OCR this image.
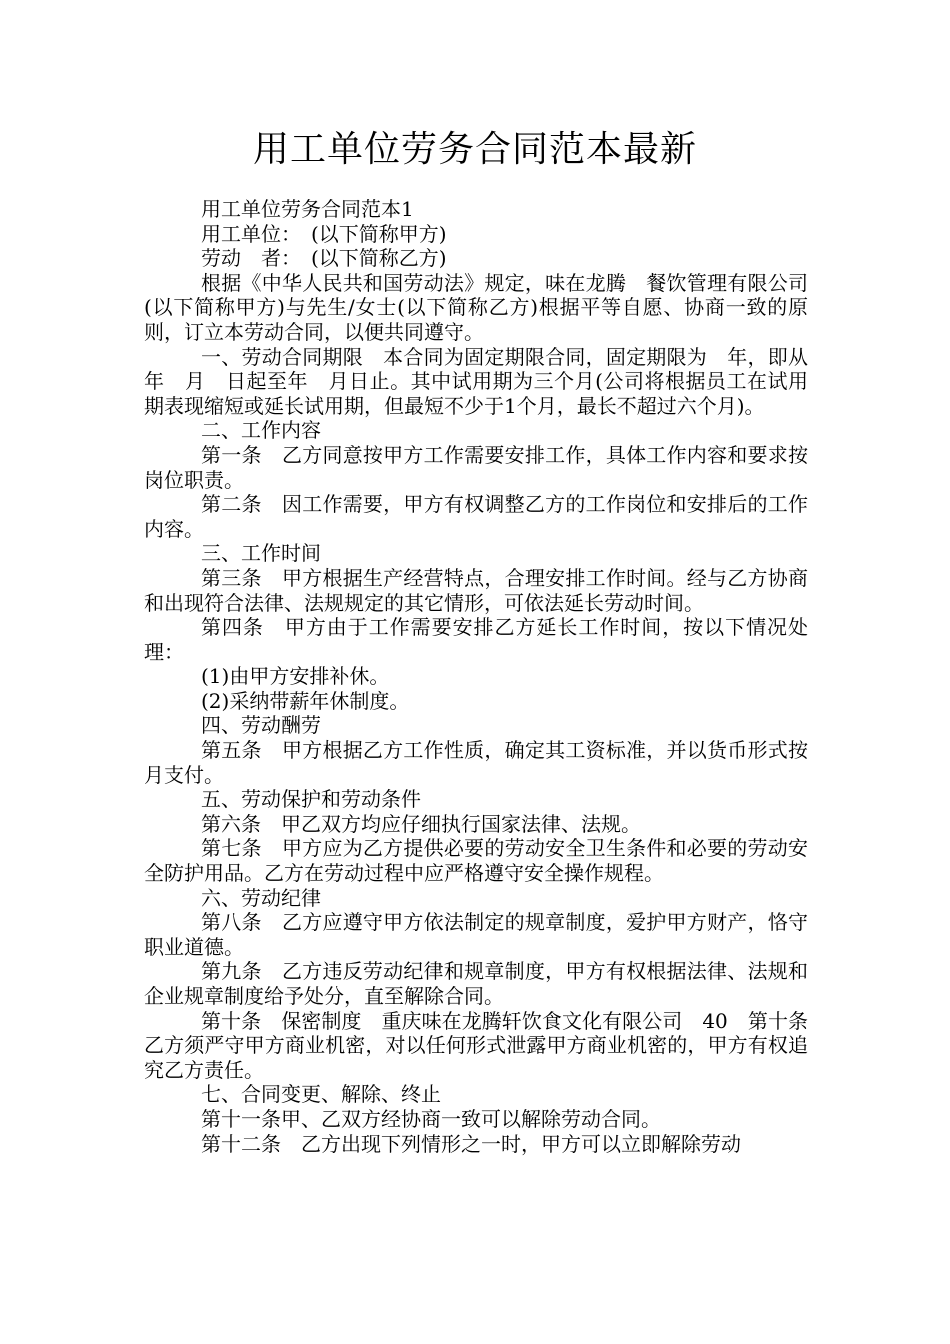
用工单位劳务合同范本最新

用工单位劳务合同范本1

用工单位：　(以下简称甲方)

劳动　者：　(以下简称乙方)

根据《中华人民共和国劳动法》规定，味在龙腾　餐饮管理有限公司(以下简称甲方)与先生/女士(以下简称乙方)根据平等自愿、协商一致的原则，订立本劳动合同，以便共同遵守。

一、劳动合同期限　本合同为固定期限合同，固定期限为　年，即从　年　月　日起至年　月日止。其中试用期为三个月(公司将根据员工在试用期表现缩短或延长试用期，但最短不少于1个月，最长不超过六个月)。

二、工作内容

第一条　乙方同意按甲方工作需要安排工作，具体工作内容和要求按岗位职责。

第二条　因工作需要，甲方有权调整乙方的工作岗位和安排后的工作内容。

三、工作时间

第三条　甲方根据生产经营特点，合理安排工作时间。经与乙方协商和出现符合法律、法规规定的其它情形，可依法延长劳动时间。

第四条　甲方由于工作需要安排乙方延长工作时间，按以下情况处理：

(1)由甲方安排补休。

(2)采纳带薪年休制度。

四、劳动酬劳

第五条　甲方根据乙方工作性质，确定其工资标准，并以货币形式按月支付。

五、劳动保护和劳动条件

第六条　甲乙双方均应仔细执行国家法律、法规。

第七条　甲方应为乙方提供必要的劳动安全卫生条件和必要的劳动安全防护用品。乙方在劳动过程中应严格遵守安全操作规程。

六、劳动纪律

第八条　乙方应遵守甲方依法制定的规章制度，爱护甲方财产，恪守职业道德。

第九条　乙方违反劳动纪律和规章制度，甲方有权根据法律、法规和企业规章制度给予处分，直至解除合同。

第十条　保密制度　重庆味在龙腾轩饮食文化有限公司　40　第十条　乙方须严守甲方商业机密，对以任何形式泄露甲方商业机密的，甲方有权追究乙方责任。

七、合同变更、解除、终止

第十一条甲、乙双方经协商一致可以解除劳动合同。

第十二条　乙方出现下列情形之一时，甲方可以立即解除劳动
